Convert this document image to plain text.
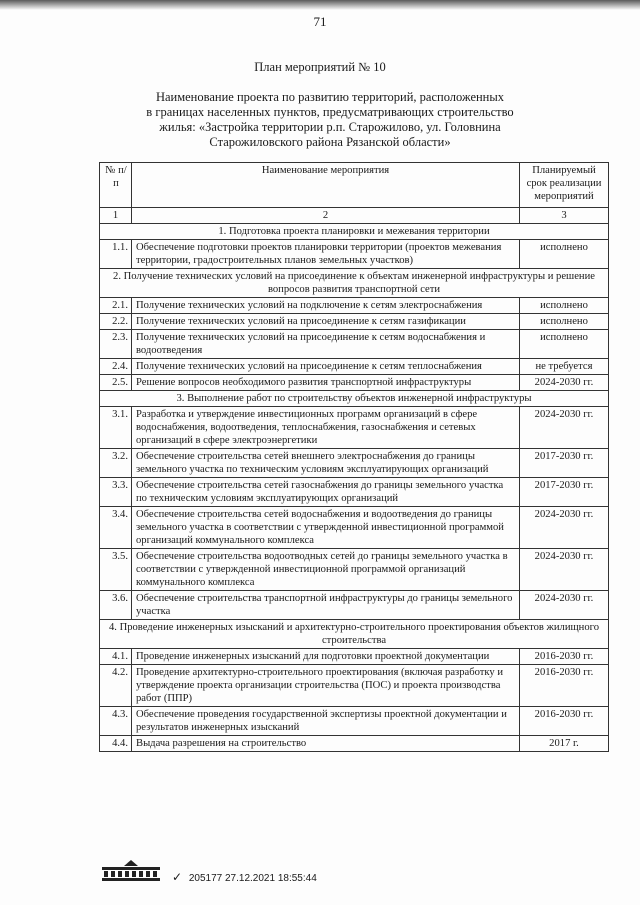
71
План мероприятий № 10
Наименование проекта по развитию территорий, расположенных
в границах населенных пунктов, предусматривающих строительство
жилья: «Застройка территории р.п. Старожилово, ул. Головнина
Старожиловского района Рязанской области»
№ п/п	Наименование мероприятия	Планируемый срок реализации мероприятий
1	2	3
1. Подготовка проекта планировки и межевания территории		
1.1.	Обеспечение подготовки проектов планировки территории (проектов межевания территории, градостроительных планов земельных участков)	исполнено
2. Получение технических условий на присоединение к объектам инженерной инфраструктуры и решение вопросов развития транспортной сети		
2.1.	Получение технических условий на подключение к сетям электроснабжения	исполнено
2.2.	Получение технических условий на присоединение к сетям газификации	исполнено
2.3.	Получение технических условий на присоединение к сетям водоснабжения и водоотведения	исполнено
2.4.	Получение технических условий на присоединение к сетям теплоснабжения	не требуется
2.5.	Решение вопросов необходимого развития транспортной инфраструктуры	2024-2030 гг.
3. Выполнение работ по строительству объектов инженерной инфраструктуры		
3.1.	Разработка и утверждение инвестиционных программ организаций в сфере водоснабжения, водоотведения, теплоснабжения, газоснабжения и сетевых организаций в сфере электроэнергетики	2024-2030 гг.
3.2.	Обеспечение строительства сетей внешнего электроснабжения до границы земельного участка по техническим условиям эксплуатирующих организаций	2017-2030 гг.
3.3.	Обеспечение строительства сетей газоснабжения до границы земельного участка по техническим условиям эксплуатирующих организаций	2017-2030 гг.
3.4.	Обеспечение строительства сетей водоснабжения и водоотведения до границы земельного участка в соответствии с утвержденной инвестиционной программой организаций коммунального комплекса	2024-2030 гг.
3.5.	Обеспечение строительства водоотводных сетей до границы земельного участка в соответствии с утвержденной инвестиционной программой организаций коммунального комплекса	2024-2030 гг.
3.6.	Обеспечение строительства транспортной инфраструктуры до границы земельного участка	2024-2030 гг.
4. Проведение инженерных изысканий и архитектурно-строительного проектирования объектов жилищного строительства		
4.1.	Проведение инженерных изысканий для подготовки проектной документации	2016-2030 гг.
4.2.	Проведение архитектурно-строительного проектирования (включая разработку и утверждение проекта организации строительства (ПОС) и проекта производства работ (ППР)	2016-2030 гг.
4.3.	Обеспечение проведения государственной экспертизы проектной документации и результатов инженерных изысканий	2016-2030 гг.
4.4.	Выдача разрешения на строительство	2017 г.
✓ 205177 27.12.2021 18:55:44
